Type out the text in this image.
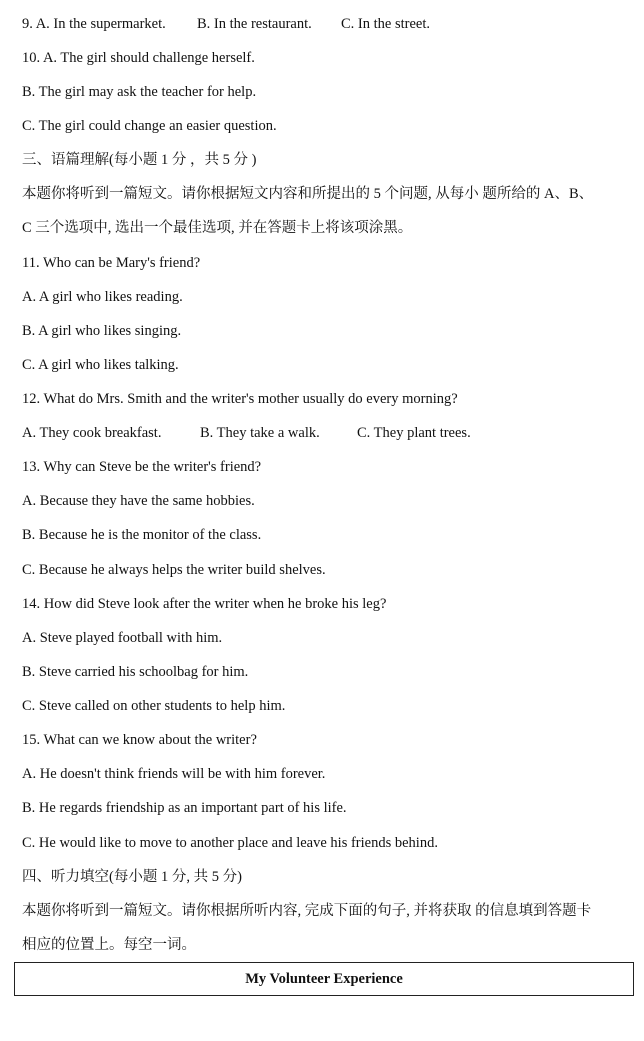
9. A. In the supermarket. B. In the restaurant. C. In the street.
10. A. The girl should challenge herself.
B. The girl may ask the teacher for help.
C. The girl could change an easier question.
三、语篇理解(每小题 1 分 ，共 5 分 )
本题你将听到一篇短文。请你根据短文内容和所提出的 5 个问题, 从每小 题所给的 A、B、
C 三个选项中, 选出一个最佳选项, 并在答题卡上将该项涂黑。
11. Who can be Mary's friend?
A. A girl who likes reading.
B. A girl who likes singing.
C. A girl who likes talking.
12. What do Mrs. Smith and the writer's mother usually do every morning?
A. They cook breakfast.	B. They take a walk.	C. They plant trees.
13. Why can Steve be the writer's friend?
A. Because they have the same hobbies.
B. Because he is the monitor of the class.
C. Because he always helps the writer build shelves.
14. How did Steve look after the writer when he broke his leg?
A. Steve played football with him.
B. Steve carried his schoolbag for him.
C. Steve called on other students to help him.
15. What can we know about the writer?
A. He doesn't think friends will be with him forever.
B. He regards friendship as an important part of his life.
C. He would like to move to another place and leave his friends behind.
四、听力填空(每小题 1 分, 共 5 分)
本题你将听到一篇短文。请你根据所听内容, 完成下面的句子, 并将获取 的信息填到答题卡
相应的位置上。每空一词。
My Volunteer Experience
